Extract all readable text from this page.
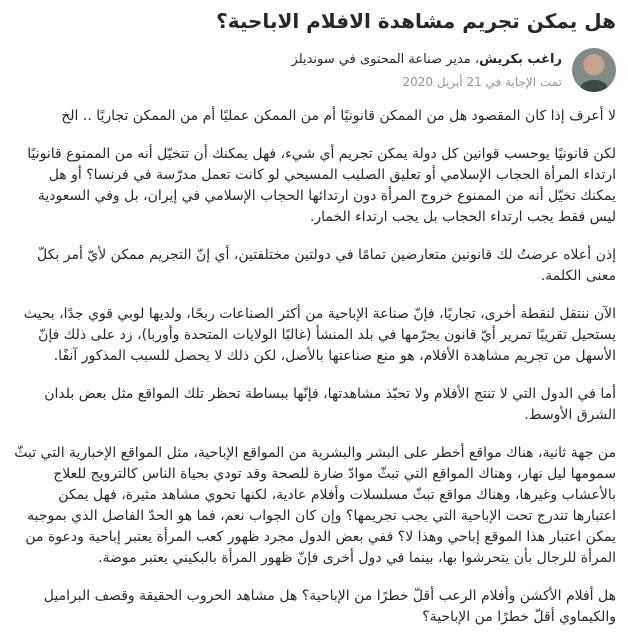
هل يمكن تجريم مشاهدة الافلام الاباحية؟
راغب بكريش، مدير صناعة المحتوى في سونديلز
تمت الإجابة في 21 أبريل 2020

لا أعرف إذا كان المقصود هل من الممكن قانونيًا أم من الممكن عمليًا أم من الممكن تجاريًا .. الخ

لكن قانونيًا يوحسب قوانين كل دولة يمكن تجريم أي شيء، فهل يمكنك أن تتخيّل أنه من الممنوع قانونيًا ارتداء المرأة الحجاب الإسلامي أو تعليق الصليب المسيحي لو كانت تعمل مدرّسة في فرنسا؟ أو هل يمكنك تخيّل أنه من الممنوع خروج المرأة دون ارتدائها الحجاب الإسلامي في إيران، بل وفي السعودية ليس فقط يجب ارتداء الحجاب بل يجب ارتداء الخمار.

إذن أعلاه عرضتُ لك قانونين متعارضين تمامًا في دولتين مختلفتين، أي إنّ التجريم ممكن لأيّ أمر بكلّ معنى الكلمة.

الآن ننتقل لنقطة أخرى، تجاريًا، فإنّ صناعة الإباحية من أكثر الصناعات ربحًا، ولديها لوبي قوي جدًا، بحيث يستحيل تقريبًا تمرير أيّ قانون يجرّمها في بلد المنشأ (غالبًا الولايات المتحدة وأوربا)، زد على ذلك فإنّ الأسهل من تجريم مشاهدة الأفلام، هو منع صناعتها بالأصل، لكن ذلك لا يحصل للسبب المذكور آنفًا.

أما في الدول التي لا تنتج الأفلام ولا تحبّذ مشاهدتها، فإنّها ببساطة تحظر تلك المواقع مثل بعض بلدان الشرق الأوسط.

من جهة ثانية، هناك مواقع أخطر على البشر والبشرية من المواقع الإباحية، مثل المواقع الإخبارية التي تبثّ سمومها ليل نهار، وهناك المواقع التي تبثّ موادّ ضارة للصحة وقد تودي بحياة الناس كالترويج للعلاج بالأعشاب وغيرها، وهناك مواقع تبثّ مسلسلات وأفلام عادية، لكنها تحوي مشاهد مثيرة، فهل يمكن اعتبارها تندرج تحت الإباحية التي يجب تجريمها؟ وإن كان الجواب نعم، فما هو الحدّ الفاصل الذي بموجبه يمكن اعتبار هذا الموقع إباحي وهذا لا؟ ففي بعض الدول مجرد ظهور كعب المرأة يعتبر إباحية ودعوة من المرأة للرجال بأن يتحرشوا بها، بينما في دول أخرى فإنّ ظهور المرأة بالبكيني يعتبر موضة.

هل أفلام الأكشن وأفلام الرعب أقلّ خطرًا من الإباحية؟ هل مشاهد الحروب الحقيقة وقصف البراميل والكيماوي أقلّ خطرًا من الإباحية؟
